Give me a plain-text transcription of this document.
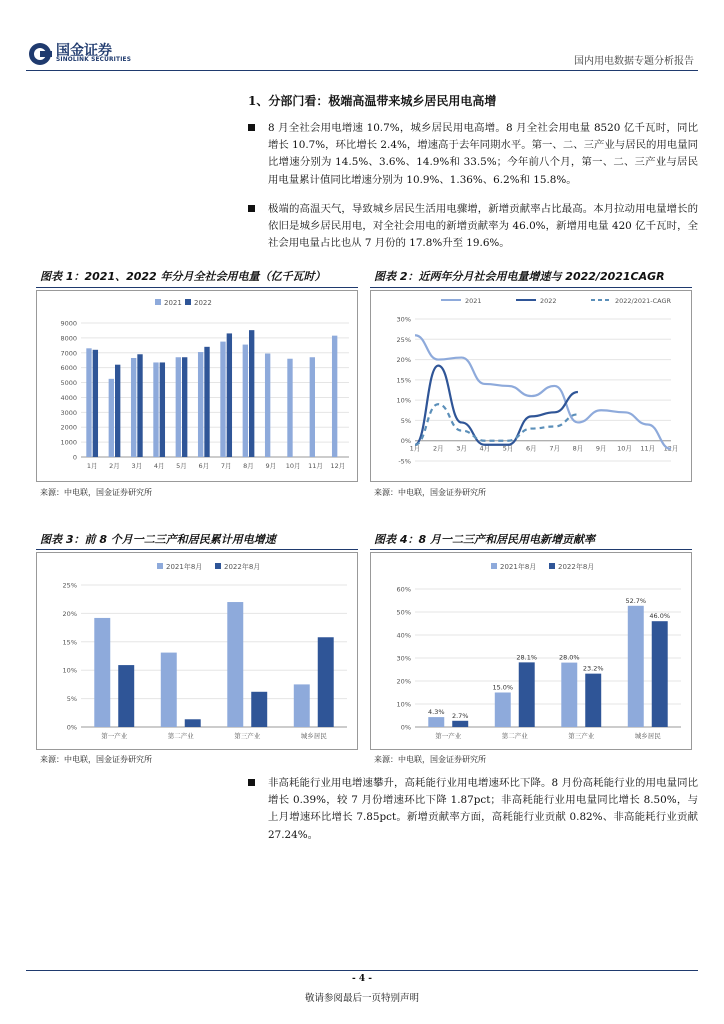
国金证券
SINOLINK SECURITIES	国内用电数据专题分析报告
1、分部门看：极端高温带来城乡居民用电高增
8 月全社会用电增速 10.7%，城乡居民用电高增。8 月全社会用电量 8520 亿千瓦时，同比增长 10.7%，环比增长 2.4%，增速高于去年同期水平。第一、二、三产业与居民的用电量同比增速分别为 14.5%、3.6%、14.9%和 33.5%；今年前八个月，第一、二、三产业与居民用电量累计值同比增速分别为 10.9%、1.36%、6.2%和 15.8%。
极端的高温天气，导致城乡居民生活用电骤增，新增贡献率占比最高。本月拉动用电量增长的依旧是城乡居民用电，对全社会用电的新增贡献率为 46.0%，新增用电量 420 亿千瓦时，全社会用电量占比也从 7 月份的 17.8%升至 19.6%。
图表 1：2021、2022 年分月全社会用电量（亿千瓦时）
2021 2022
0
1000
2000
3000
4000
5000
6000
7000
8000
9000
1月 2月 3月 4月 5月 6月 7月 8月 9月 10月 11月 12月
来源：中电联，国金证券研究所
图表 2：近两年分月社会用电量增速与 2022/2021CAGR
2021	2022	2022/2021-CAGR
-5%
0%
5%
10%
15%
20%
25%
30%
1月 2月 3月 4月 5月 6月 7月 8月 9月 10月 11月 12月
来源：中电联，国金证券研究所
图表 3：前 8 个月一二三产和居民累计用电增速
2021年8月	2022年8月
0%
5%
10%
15%
20%
25%
第一产业	第二产业	第三产业	城乡居民
来源：中电联，国金证券研究所
图表 4：8 月一二三产和居民用电新增贡献率
2021年8月	2022年8月
0%
10%
20%
30%
40%
50%
60%
4.3% 2.7%
第一产业
15.0%
28.1%
第二产业
28.0%
23.2%
第三产业
52.7%
46.0%
城乡居民
来源：中电联，国金证券研究所
非高耗能行业用电增速攀升，高耗能行业用电增速环比下降。8 月份高耗能行业的用电量同比增长 0.39%，较 7 月份增速环比下降 1.87pct；非高耗能行业用电量同比增长 8.50%，与上月增速环比增长 7.85pct。新增贡献率方面，高耗能行业贡献 0.82%、非高能耗行业贡献 27.24%。
- 4 -
敬请参阅最后一页特别声明
